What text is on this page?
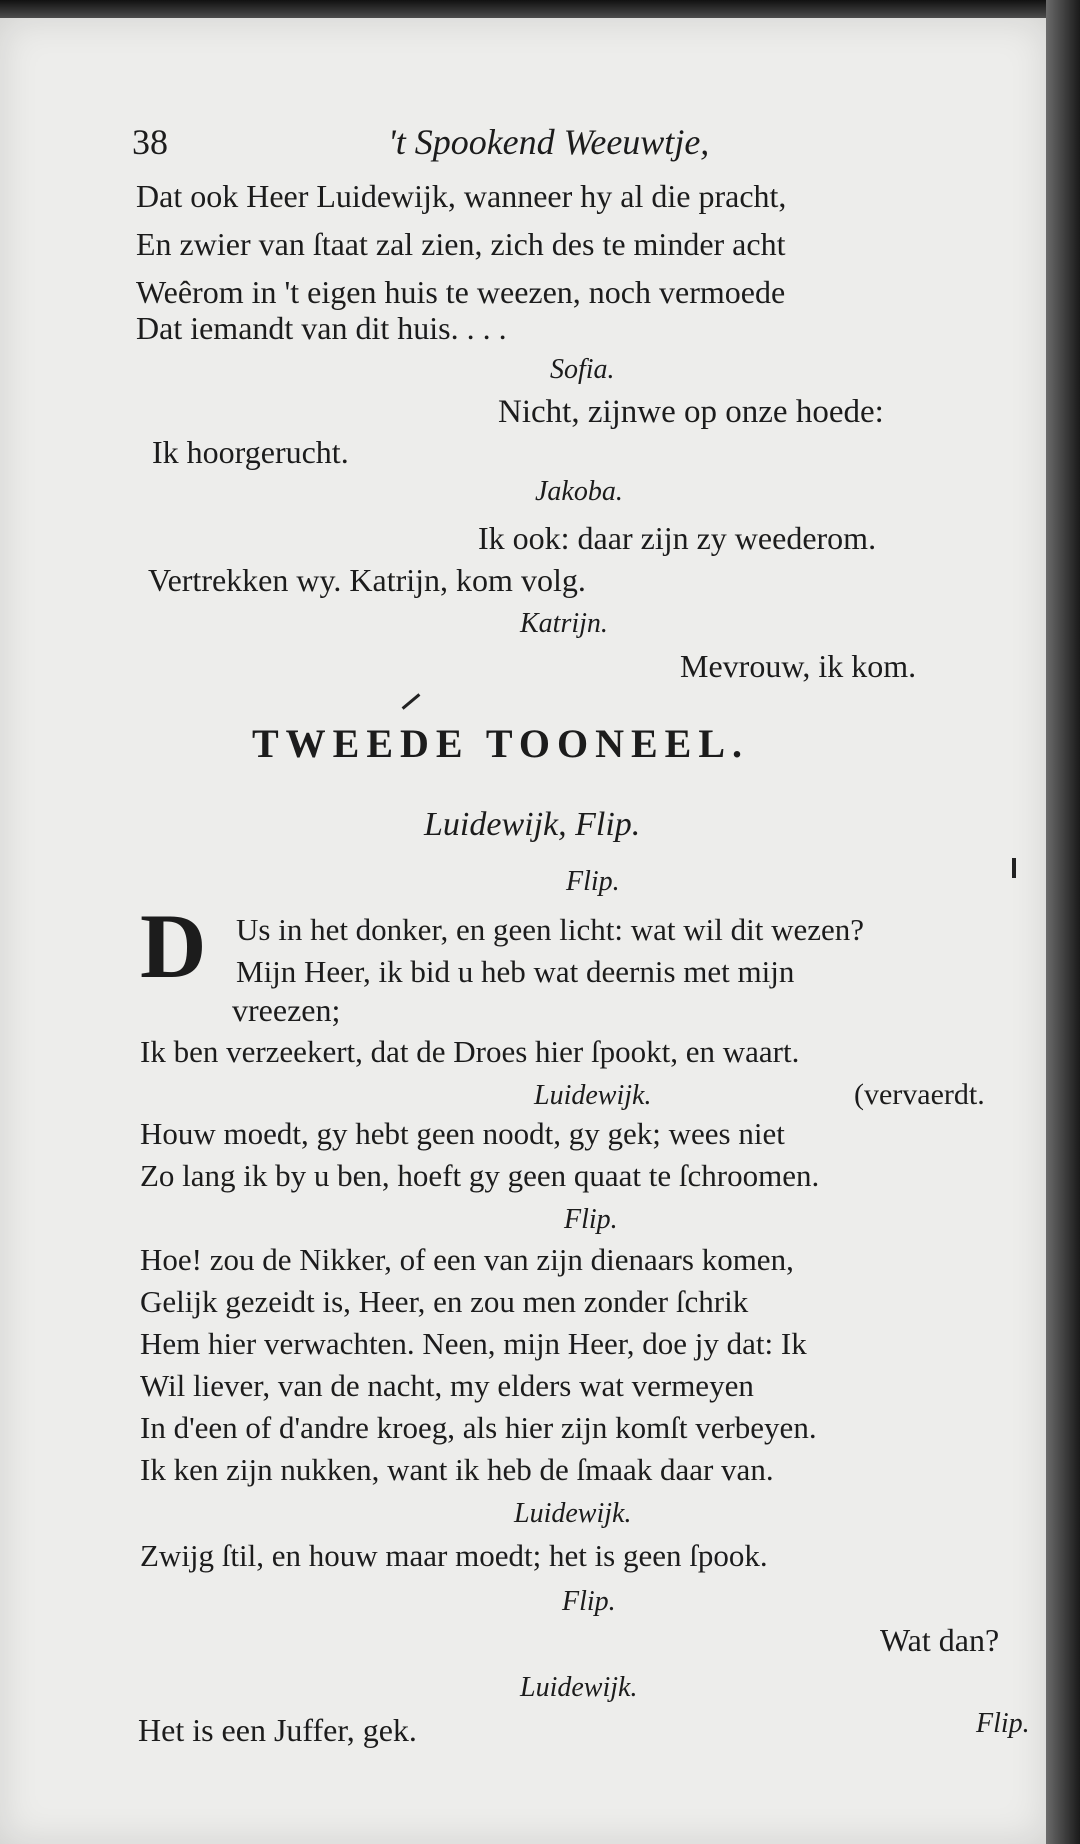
38	't Spookend Weeuwtje,
Dat ook Heer Luidewijk, wanneer hy al die pracht,
En zwier van ſtaat zal zien, zich des te minder acht
Weêrom in 't eigen huis te weezen, noch vermoede
Dat iemandt van dit huis. . . .
Sofia.
Nicht, zijnwe op onze hoede:
Ik hoorgerucht.
Jakoba.
Ik ook: daar zijn zy weederom.
Vertrekken wy. Katrijn, kom volg.
Katrijn.
Mevrouw, ik kom.
TWEEDE TOONEEL.
Luidewijk, Flip.
Flip.
D Us in het donker, en geen licht: wat wil dit wezen?
Mijn Heer, ik bid u heb wat deernis met mijn
vreezen;
Ik ben verzeekert, dat de Droes hier ſpookt, en waart.
Luidewijk.	(vervaerdt.
Houw moedt, gy hebt geen noodt, gy gek; wees niet
Zo lang ik by u ben, hoeft gy geen quaat te ſchroomen.
Flip.
Hoe! zou de Nikker, of een van zijn dienaars komen,
Gelijk gezeidt is, Heer, en zou men zonder ſchrik
Hem hier verwachten. Neen, mijn Heer, doe jy dat: Ik
Wil liever, van de nacht, my elders wat vermeyen
In d'een of d'andre kroeg, als hier zijn komſt verbeyen.
Ik ken zijn nukken, want ik heb de ſmaak daar van.
Luidewijk.
Zwijg ſtil, en houw maar moedt; het is geen ſpook.
Flip.
Wat dan?
Luidewijk.
Het is een Juffer, gek.	Flip.
